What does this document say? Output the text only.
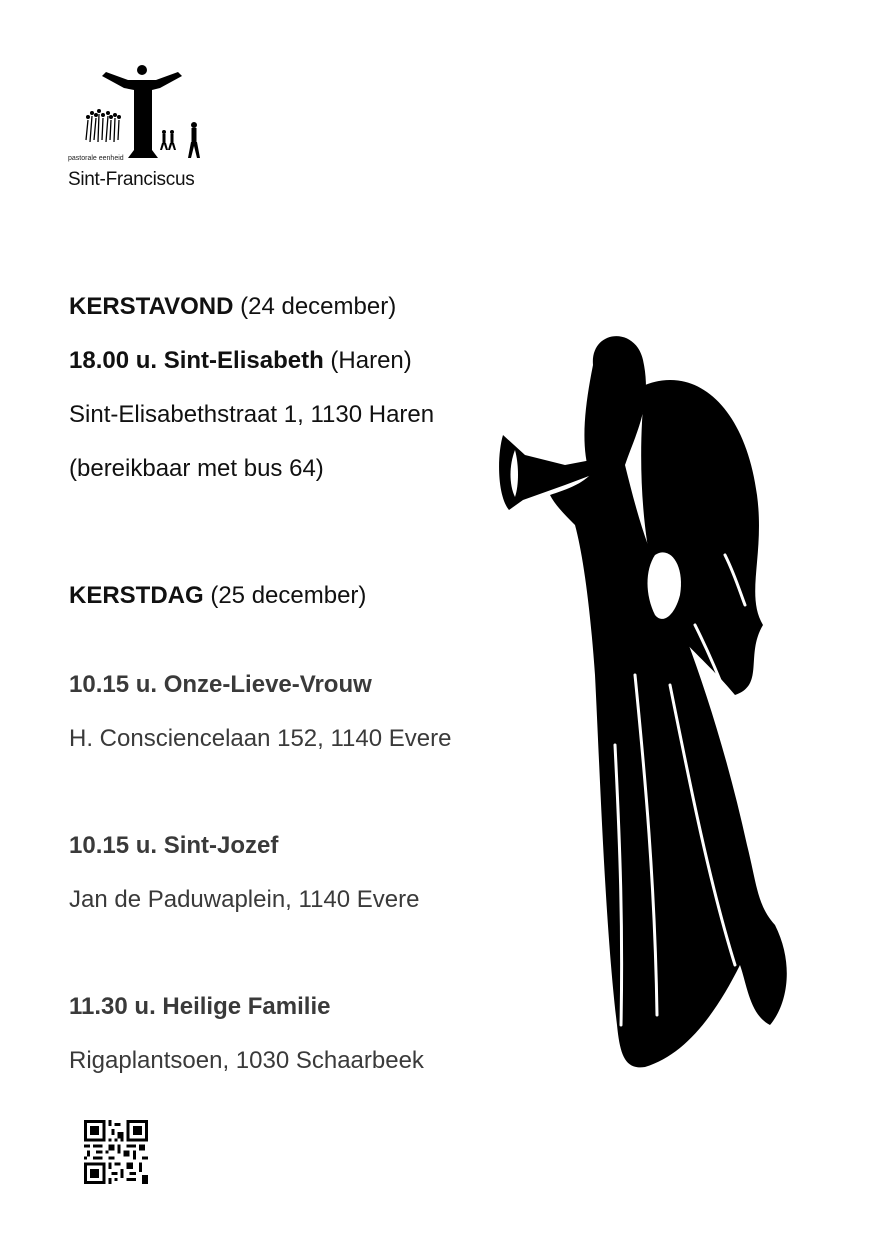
pastorale eenheid
Sint-Franciscus
KERSTAVOND (24 december)
18.00 u. Sint-Elisabeth (Haren)
Sint-Elisabethstraat 1, 1130 Haren
(bereikbaar met bus 64)
KERSTDAG (25 december)
10.15 u. Onze-Lieve-Vrouw
H. Consciencelaan 152, 1140 Evere
10.15 u. Sint-Jozef
Jan de Paduwaplein, 1140 Evere
11.30 u. Heilige Familie
Rigaplantsoen, 1030 Schaarbeek
